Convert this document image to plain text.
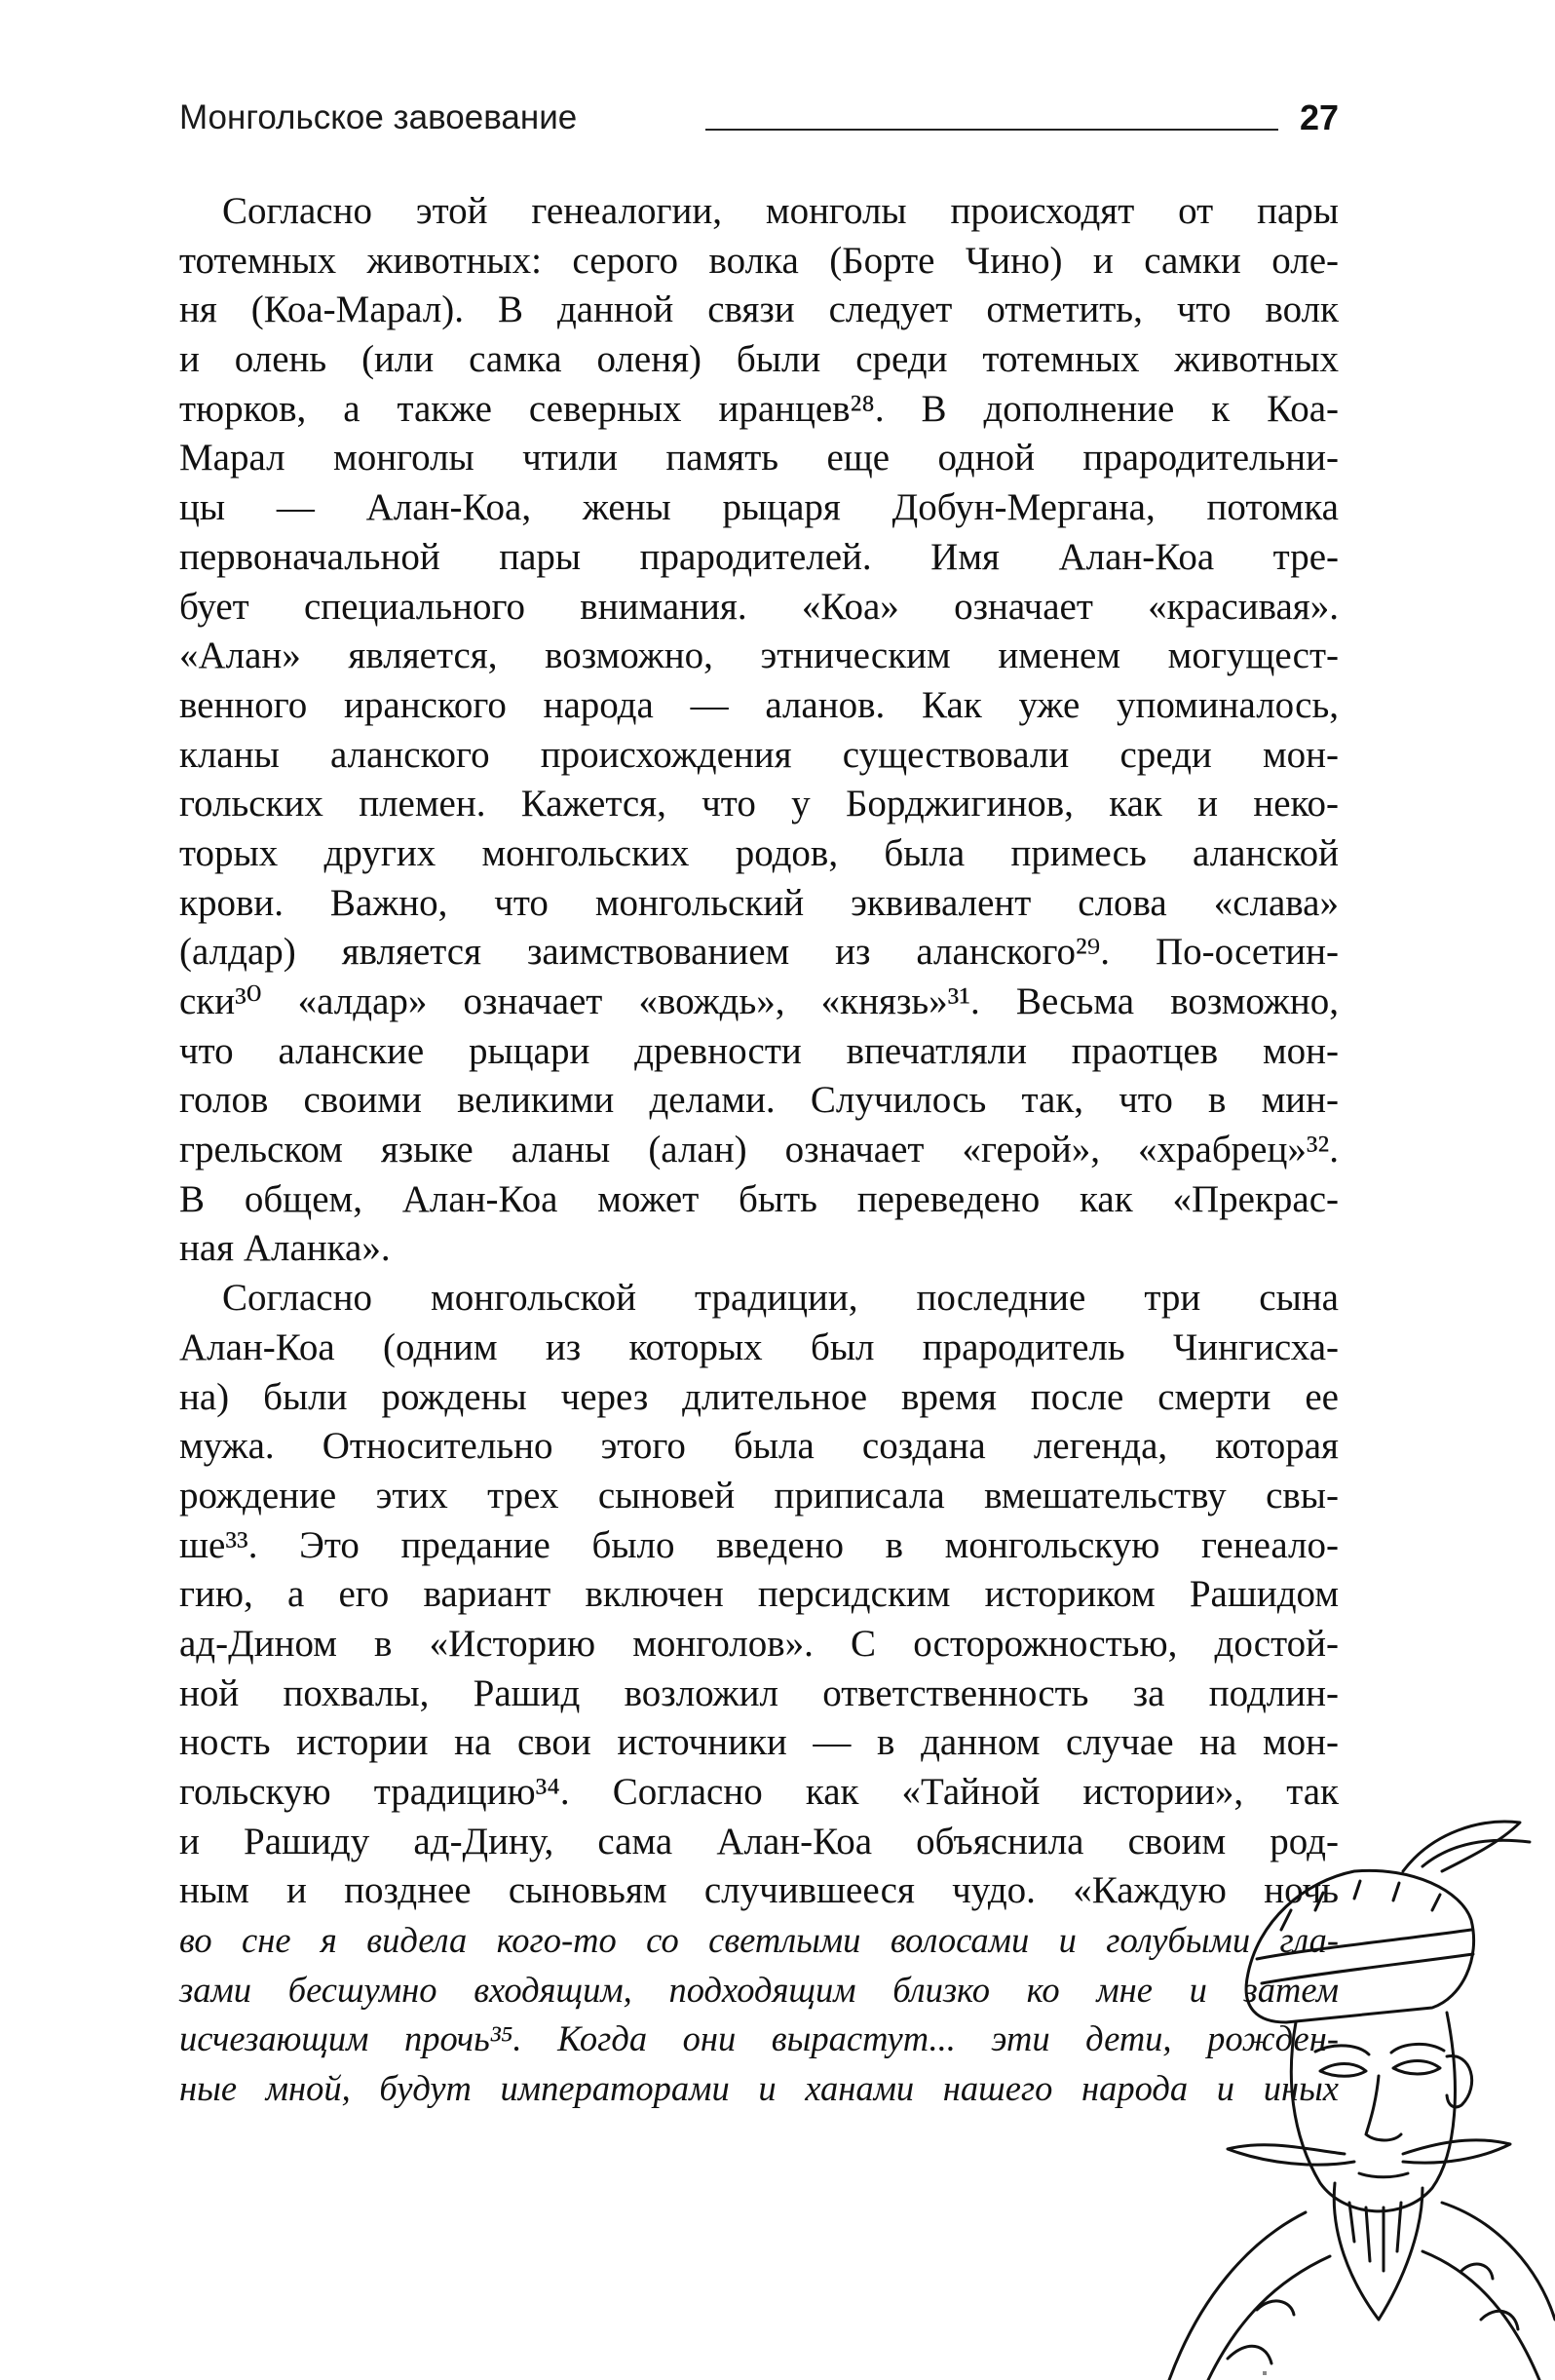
Монгольское завоевание	27
Согласно этой генеалогии, монголы происходят от пары
тотемных животных: серого волка (Борте Чино) и самки оле-
ня (Коа-Марал). В данной связи следует отметить, что волк
и олень (или самка оленя) были среди тотемных животных
тюрков, а также северных иранцев²⁸. В дополнение к Коа-
Марал монголы чтили память еще одной прародительни-
цы — Алан-Коа, жены рыцаря Добун-Мергана, потомка
первоначальной пары прародителей. Имя Алан-Коа тре-
бует специального внимания. «Коа» означает «красивая».
«Алан» является, возможно, этническим именем могущест-
венного иранского народа — аланов. Как уже упоминалось,
кланы аланского происхождения существовали среди мон-
гольских племен. Кажется, что у Борджигинов, как и неко-
торых других монгольских родов, была примесь аланской
крови. Важно, что монгольский эквивалент слова «слава»
(алдар) является заимствованием из аланского²⁹. По-осетин-
ски³⁰ «алдар» означает «вождь», «князь»³¹. Весьма возможно,
что аланские рыцари древности впечатляли праотцев мон-
голов своими великими делами. Случилось так, что в мин-
грельском языке аланы (алан) означает «герой», «храбрец»³².
В общем, Алан-Коа может быть переведено как «Прекрас-
ная Аланка».
Согласно монгольской традиции, последние три сына
Алан-Коа (одним из которых был прародитель Чингисха-
на) были рождены через длительное время после смерти ее
мужа. Относительно этого была создана легенда, которая
рождение этих трех сыновей приписала вмешательству свы-
ше³³. Это предание было введено в монгольскую генеало-
гию, а его вариант включен персидским историком Рашидом
ад-Дином в «Историю монголов». С осторожностью, достой-
ной похвалы, Рашид возложил ответственность за подлин-
ность истории на свои источники — в данном случае на мон-
гольскую традицию³⁴. Согласно как «Тайной истории», так
и Рашиду ад-Дину, сама Алан-Коа объяснила своим род-
ным и позднее сыновьям случившееся чудо. «Каждую ночь
во сне я видела кого-то со светлыми волосами и голубыми гла-
зами бесшумно входящим, подходящим близко ко мне и затем
исчезающим прочь³⁵. Когда они вырастут... эти дети, рожден-
ные мной, будут императорами и ханами нашего народа и иных
